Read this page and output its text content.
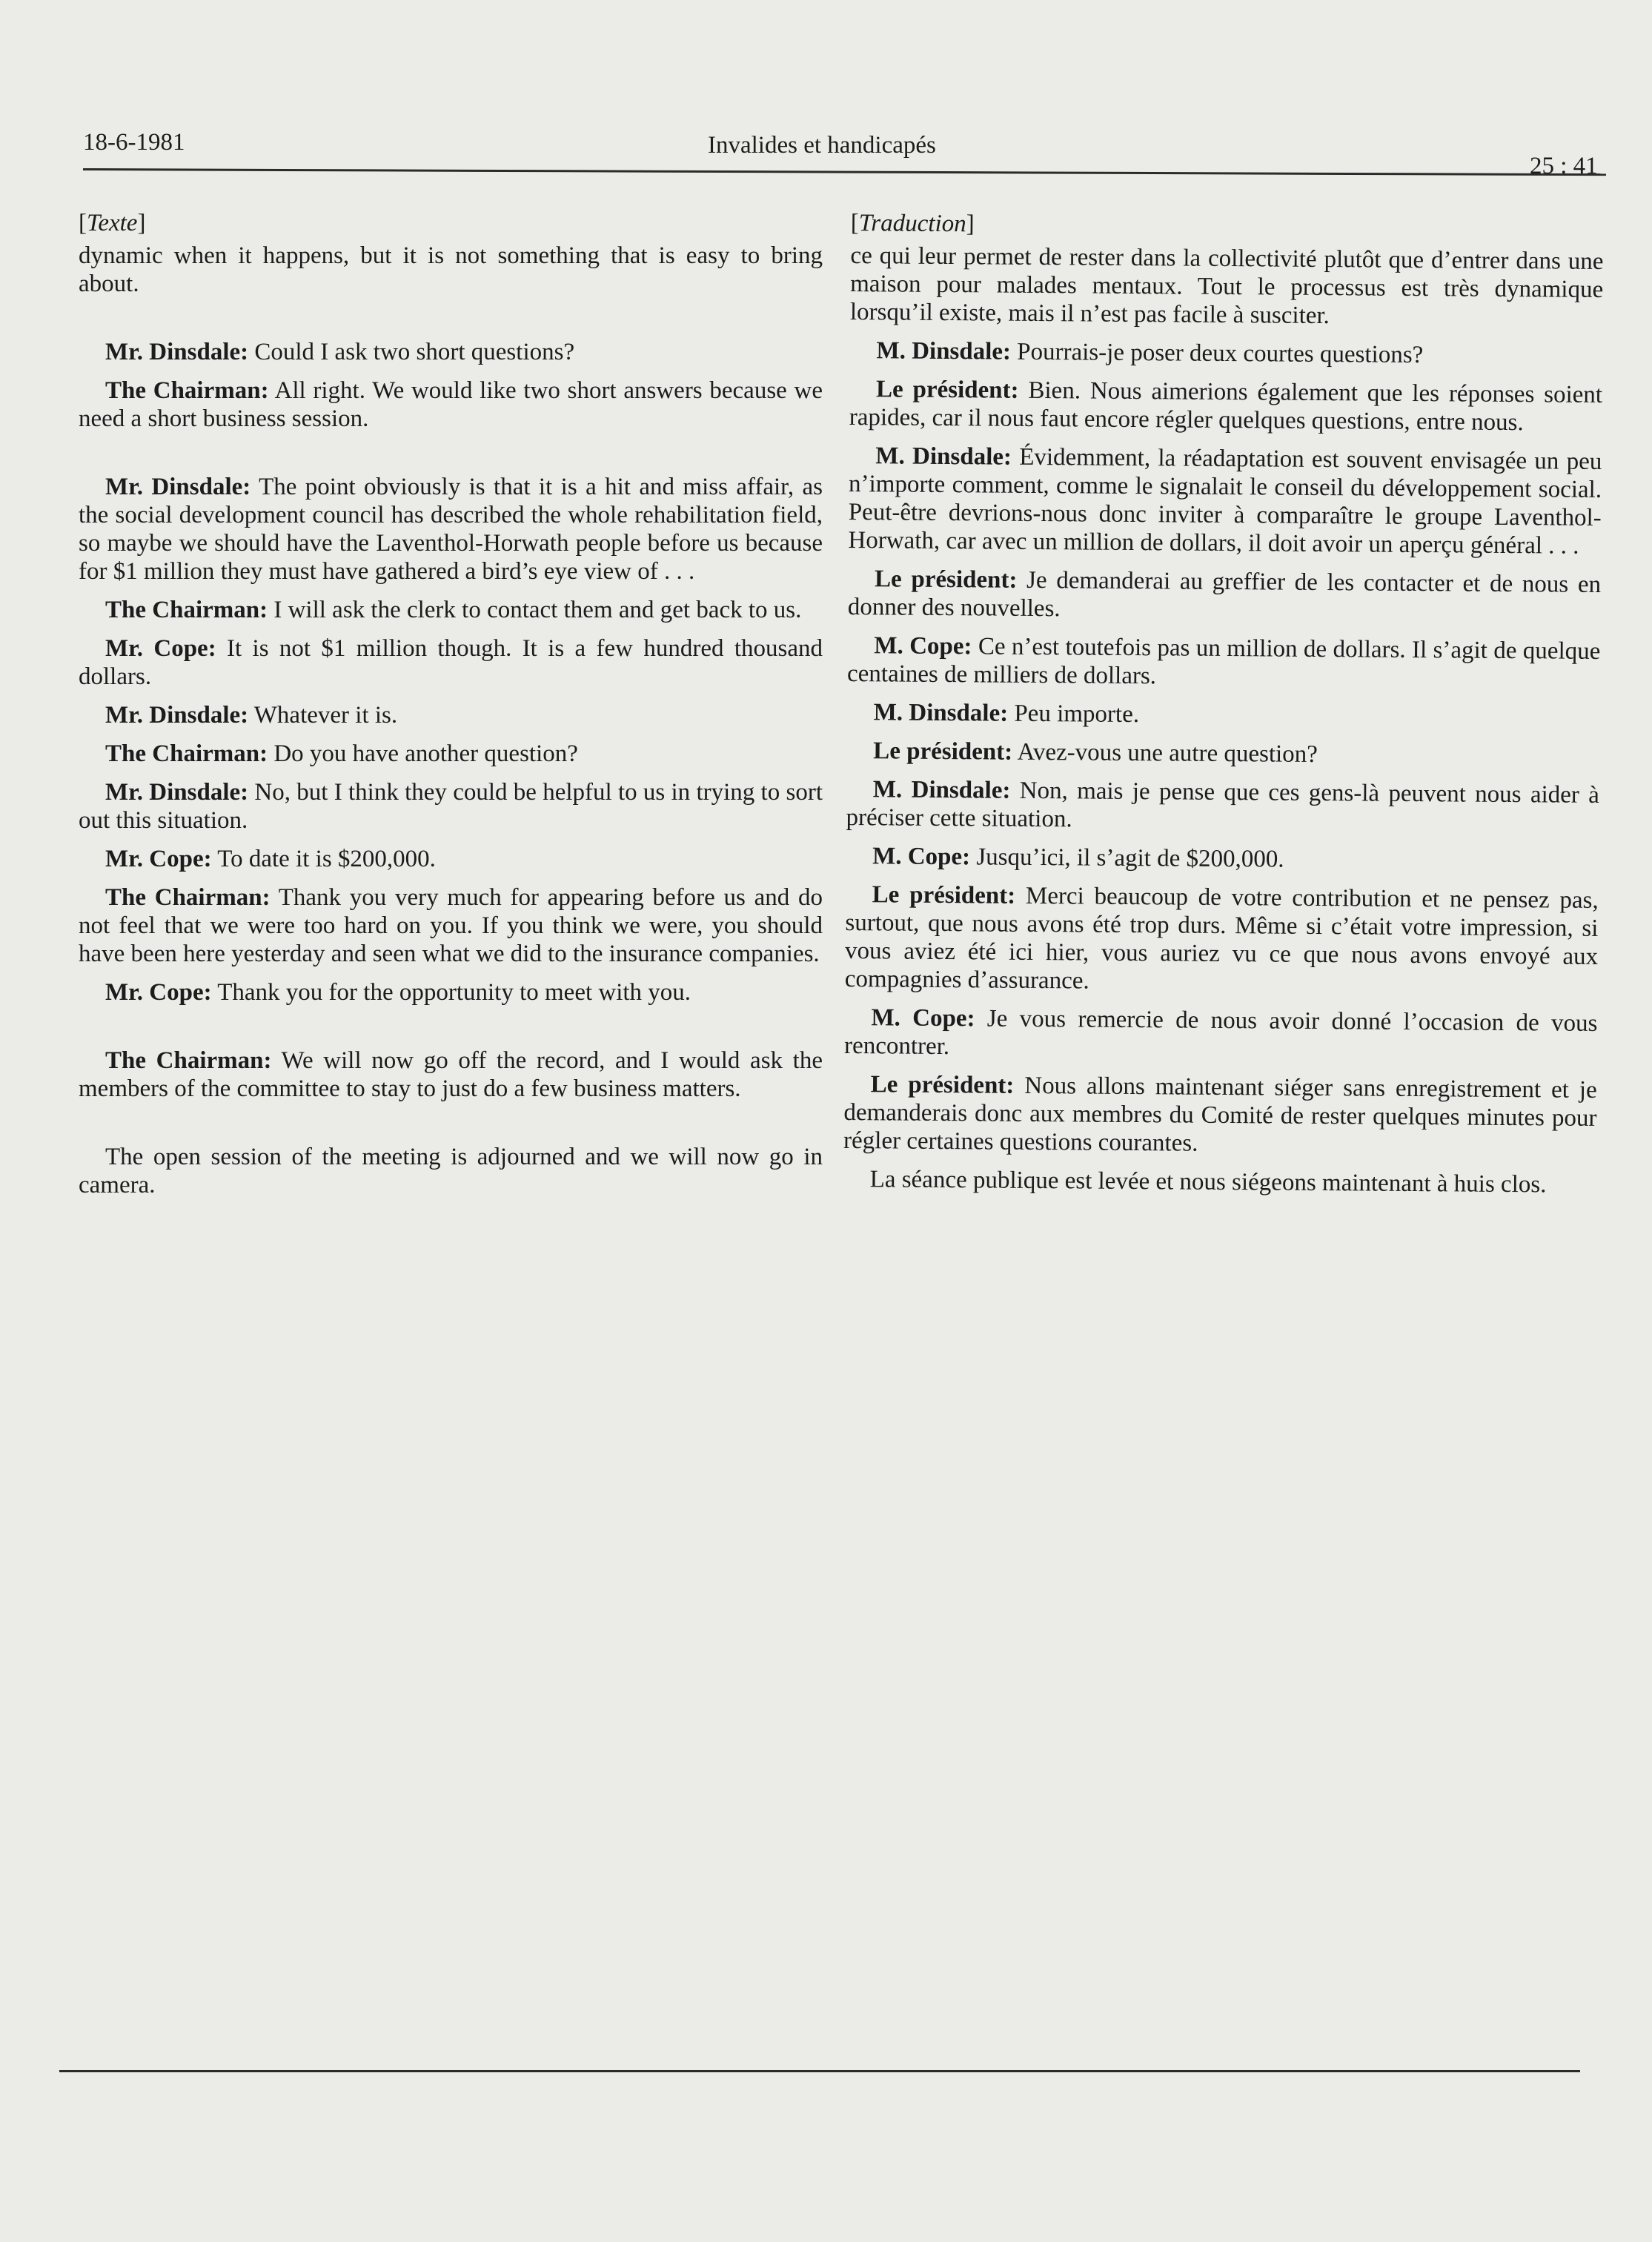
18-6-1981	Invalides et handicapés
25 : 41

[Texte]

dynamic when it happens, but it is not something that is easy to bring about.

Mr. Dinsdale: Could I ask two short questions?

The Chairman: All right. We would like two short answers because we need a short business session.

Mr. Dinsdale: The point obviously is that it is a hit and miss affair, as the social development council has described the whole rehabilitation field, so maybe we should have the Laventhol-Horwath people before us because for $1 million they must have gathered a bird’s eye view of . . .

The Chairman: I will ask the clerk to contact them and get back to us.

Mr. Cope: It is not $1 million though. It is a few hundred thousand dollars.

Mr. Dinsdale: Whatever it is.

The Chairman: Do you have another question?

Mr. Dinsdale: No, but I think they could be helpful to us in trying to sort out this situation.

Mr. Cope: To date it is $200,000.

The Chairman: Thank you very much for appearing before us and do not feel that we were too hard on you. If you think we were, you should have been here yesterday and seen what we did to the insurance companies.

Mr. Cope: Thank you for the opportunity to meet with you.

The Chairman: We will now go off the record, and I would ask the members of the committee to stay to just do a few business matters.

The open session of the meeting is adjourned and we will now go in camera.

[Traduction]

ce qui leur permet de rester dans la collectivité plutôt que d’entrer dans une maison pour malades mentaux. Tout le processus est très dynamique lorsqu’il existe, mais il n’est pas facile à susciter.

M. Dinsdale: Pourrais-je poser deux courtes questions?

Le président: Bien. Nous aimerions également que les réponses soient rapides, car il nous faut encore régler quelques questions, entre nous.

M. Dinsdale: Évidemment, la réadaptation est souvent envisagée un peu n’importe comment, comme le signalait le conseil du développement social. Peut-être devrions-nous donc inviter à comparaître le groupe Laventhol-Horwath, car avec un million de dollars, il doit avoir un aperçu général . . .

Le président: Je demanderai au greffier de les contacter et de nous en donner des nouvelles.

M. Cope: Ce n’est toutefois pas un million de dollars. Il s’agit de quelque centaines de milliers de dollars.

M. Dinsdale: Peu importe.

Le président: Avez-vous une autre question?

M. Dinsdale: Non, mais je pense que ces gens-là peuvent nous aider à préciser cette situation.

M. Cope: Jusqu’ici, il s’agit de $200,000.

Le président: Merci beaucoup de votre contribution et ne pensez pas, surtout, que nous avons été trop durs. Même si c’était votre impression, si vous aviez été ici hier, vous auriez vu ce que nous avons envoyé aux compagnies d’assurance.

M. Cope: Je vous remercie de nous avoir donné l’occasion de vous rencontrer.

Le président: Nous allons maintenant siéger sans enregistrement et je demanderais donc aux membres du Comité de rester quelques minutes pour régler certaines questions courantes.

La séance publique est levée et nous siégeons maintenant à huis clos.
